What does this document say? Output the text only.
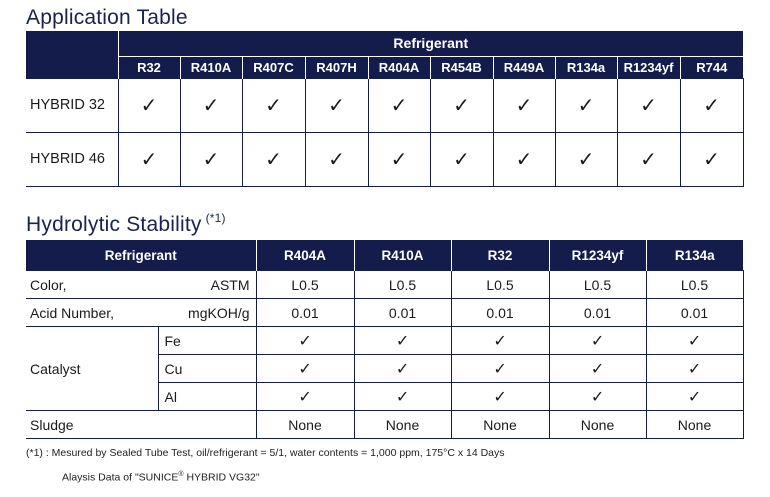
Application Table
	Refrigerant									
	R32	R410A	R407C	R407H	R404A	R454B	R449A	R134a	R1234yf	R744
HYBRID 32	✓	✓	✓	✓	✓	✓	✓	✓	✓	✓
HYBRID 46	✓	✓	✓	✓	✓	✓	✓	✓	✓	✓
Hydrolytic Stability $^{(*1)}$
Refrigerant		R404A	R410A	R32	R1234yf	R134a
Color,	ASTM	L0.5	L0.5	L0.5	L0.5	L0.5
Acid Number,	mgKOH/g	0.01	0.01	0.01	0.01	0.01
Catalyst	Fe	✓	✓	✓	✓	✓
	Cu	✓	✓	✓	✓	✓
	Al	✓	✓	✓	✓	✓
Sludge		None	None	None	None	None
(*1) : Mesured by Sealed Tube Test, oil/refrigerant = 5/1, water contents = 1,000 ppm, 175°C x 14 Days
Alaysis Data of "SUNICE® HYBRID VG32"
